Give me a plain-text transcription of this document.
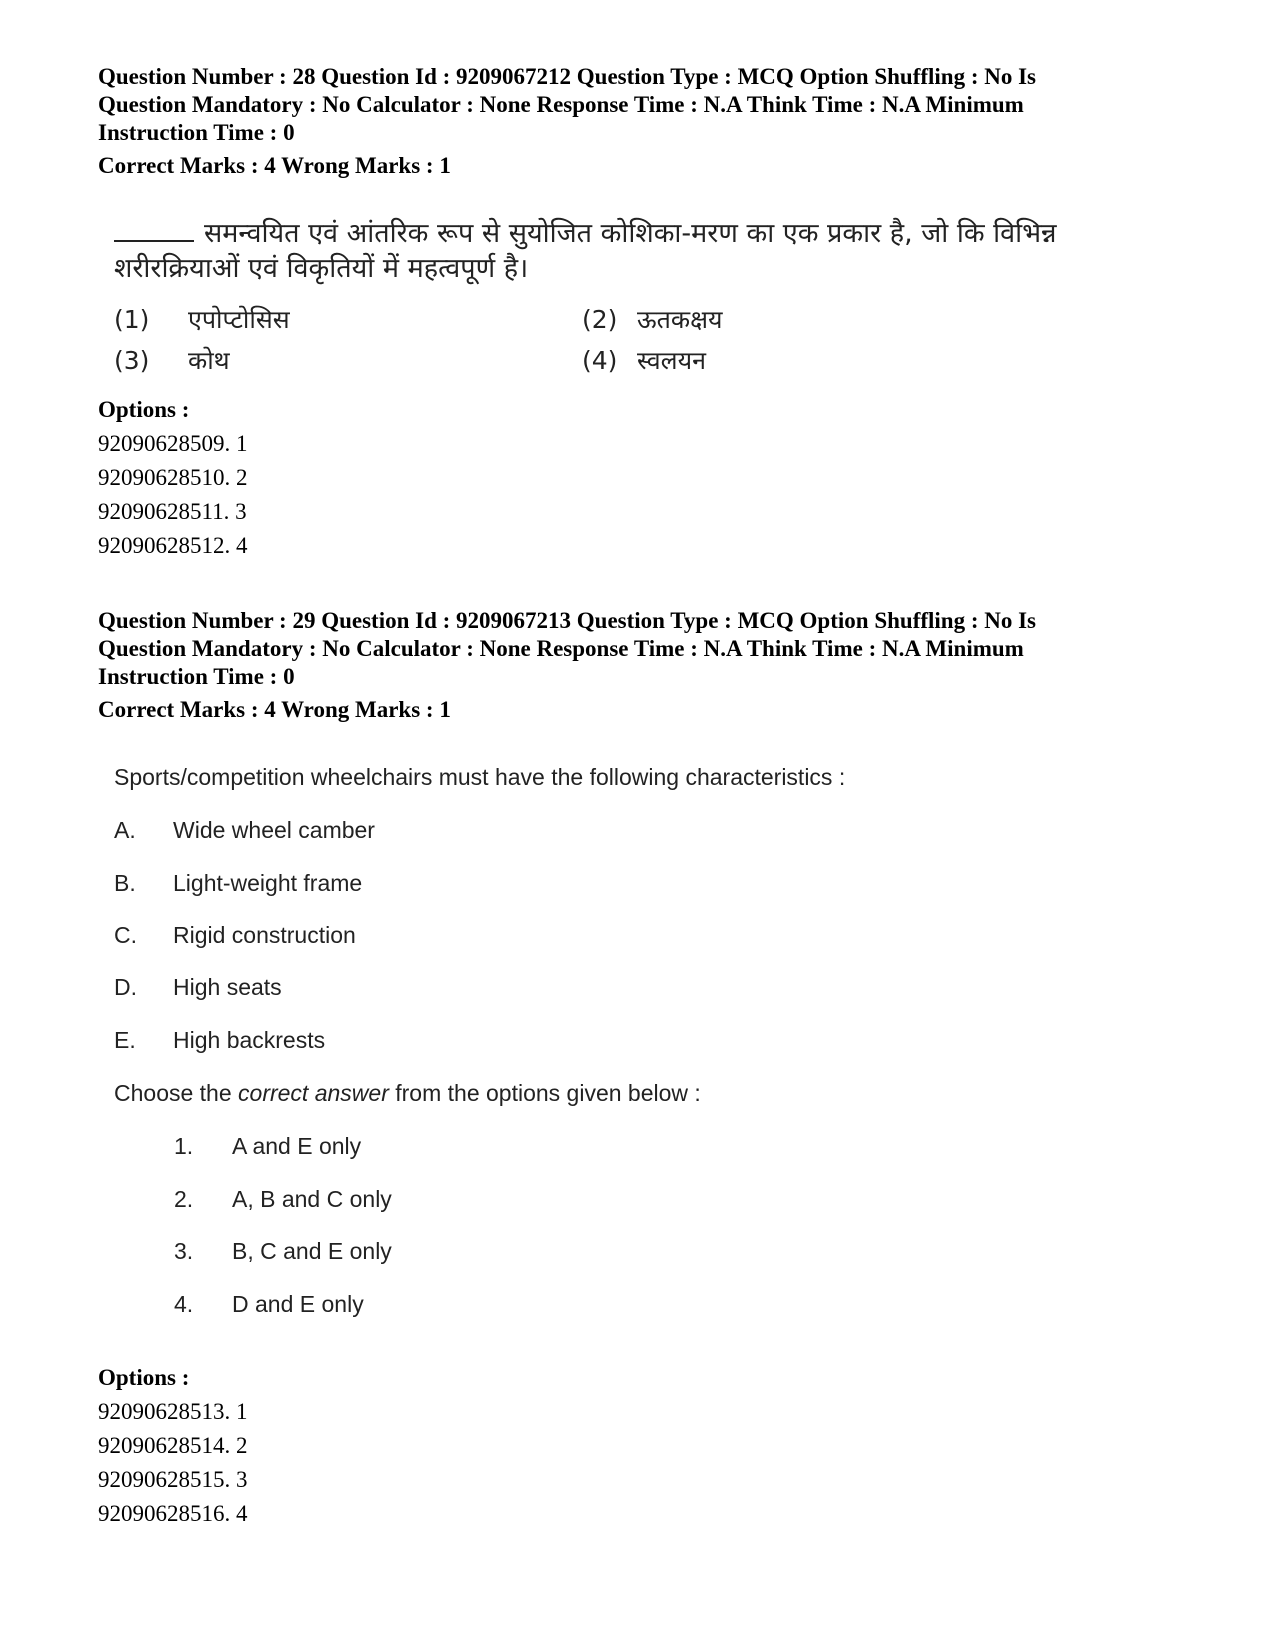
Question Number : 28 Question Id : 9209067212 Question Type : MCQ Option Shuffling : No Is

Question Mandatory : No Calculator : None Response Time : N.A Think Time : N.A Minimum

Instruction Time : 0

Correct Marks : 4 Wrong Marks : 1
समन्वयित एवं आंतरिक रूप से सुयोजित कोशिका-मरण का एक प्रकार है, जो कि विभिन्न
शरीरक्रियाओं एवं विकृतियों में महत्वपूर्ण है।
(1)	एपोप्टोसिस	(2) ऊतकक्षय
(3)	कोथ	(4) स्वलयन
Options :
92090628509. 1
92090628510. 2
92090628511. 3
92090628512. 4

Question Number : 29 Question Id : 9209067213 Question Type : MCQ Option Shuffling : No Is

Question Mandatory : No Calculator : None Response Time : N.A Think Time : N.A Minimum

Instruction Time : 0

Correct Marks : 4 Wrong Marks : 1
Sports/competition wheelchairs must have the following characteristics :
A.	Wide wheel camber
B.	Light-weight frame
C.	Rigid construction
D.	High seats
E.	High backrests
Choose the correct answer from the options given below :
1.	A and E only
2.	A, B and C only
3.	B, C and E only
4.	D and E only
Options :
92090628513. 1
92090628514. 2
92090628515. 3
92090628516. 4
